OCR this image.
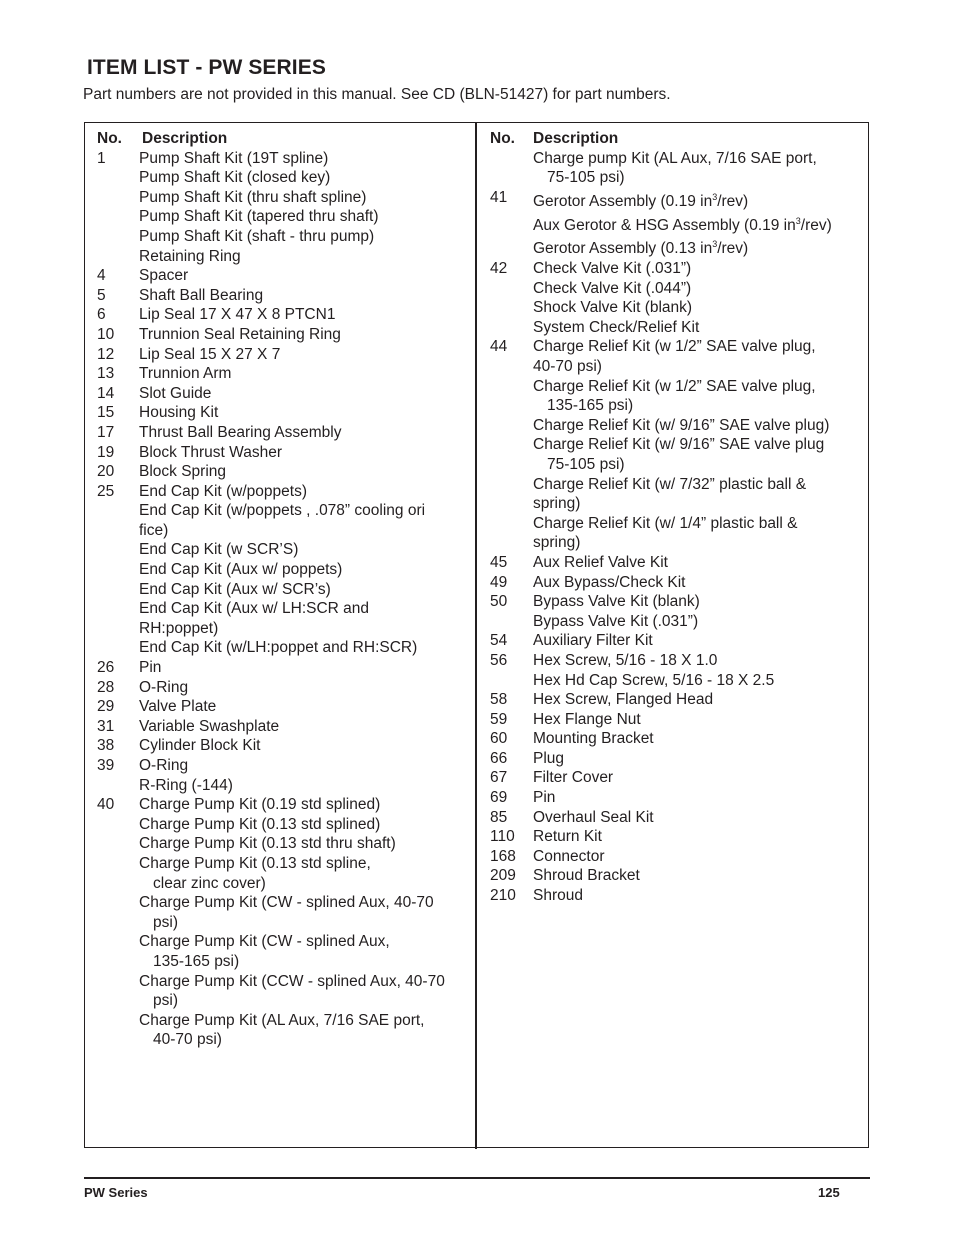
ITEM LIST - PW SERIES
Part numbers are not provided in this manual. See CD (BLN-51427) for part numbers.
No.	Description
1	Pump Shaft Kit (19T spline)
Pump Shaft Kit (closed key)
Pump Shaft Kit (thru shaft spline)
Pump Shaft Kit (tapered thru shaft)
Pump Shaft Kit (shaft - thru pump)
Retaining Ring
4	Spacer
5	Shaft Ball Bearing
6	Lip Seal 17 X 47 X 8 PTCN1
10	Trunnion Seal Retaining Ring
12	Lip Seal 15 X 27 X 7
13	Trunnion Arm
14	Slot Guide
15	Housing Kit
17	Thrust Ball Bearing Assembly
19	Block Thrust Washer
20	Block Spring
25	End Cap Kit (w/poppets)
End Cap Kit (w/poppets , .078” cooling ori
fice)
End Cap Kit (w SCR’S)
End Cap Kit (Aux w/ poppets)
End Cap Kit (Aux w/ SCR’s)
End Cap Kit (Aux w/ LH:SCR and
RH:poppet)
End Cap Kit (w/LH:poppet and RH:SCR)
26	Pin
28	O-Ring
29	Valve Plate
31	Variable Swashplate
38	Cylinder Block Kit
39	O-Ring
R-Ring (-144)
40	Charge Pump Kit (0.19 std splined)
Charge Pump Kit (0.13 std splined)
Charge Pump Kit (0.13 std thru shaft)
Charge Pump Kit (0.13 std spline,
clear zinc cover)
Charge Pump Kit (CW - splined Aux, 40-70
psi)
Charge Pump Kit (CW - splined Aux,
135-165 psi)
Charge Pump Kit (CCW - splined Aux, 40-70
psi)
Charge Pump Kit (AL Aux, 7/16 SAE port,
40-70 psi)
No.	Description
Charge pump Kit (AL Aux, 7/16 SAE port,
75-105 psi)
41	Gerotor Assembly (0.19 $in^3/rev$)
Aux Gerotor & HSG Assembly (0.19 $in^3/rev$)
Gerotor Assembly (0.13 $in^3/rev$)
42	Check Valve Kit (.031”)
Check Valve Kit (.044”)
Shock Valve Kit (blank)
System Check/Relief Kit
44	Charge Relief Kit (w 1/2” SAE valve plug,
40-70 psi)
Charge Relief Kit (w 1/2” SAE valve plug,
135-165 psi)
Charge Relief Kit (w/ 9/16” SAE valve plug)
Charge Relief Kit (w/ 9/16” SAE valve plug
75-105 psi)
Charge Relief Kit (w/ 7/32” plastic ball &
spring)
Charge Relief Kit (w/ 1/4” plastic ball &
spring)
45	Aux Relief Valve Kit
49	Aux Bypass/Check Kit
50	Bypass Valve Kit (blank)
Bypass Valve Kit (.031”)
54	Auxiliary Filter Kit
56	Hex Screw, 5/16 - 18 X 1.0
Hex Hd Cap Screw, 5/16 - 18 X 2.5
58	Hex Screw, Flanged Head
59	Hex Flange Nut
60	Mounting Bracket
66	Plug
67	Filter Cover
69	Pin
85	Overhaul Seal Kit
110	Return Kit
168	Connector
209	Shroud Bracket
210	Shroud
PW Series	125
